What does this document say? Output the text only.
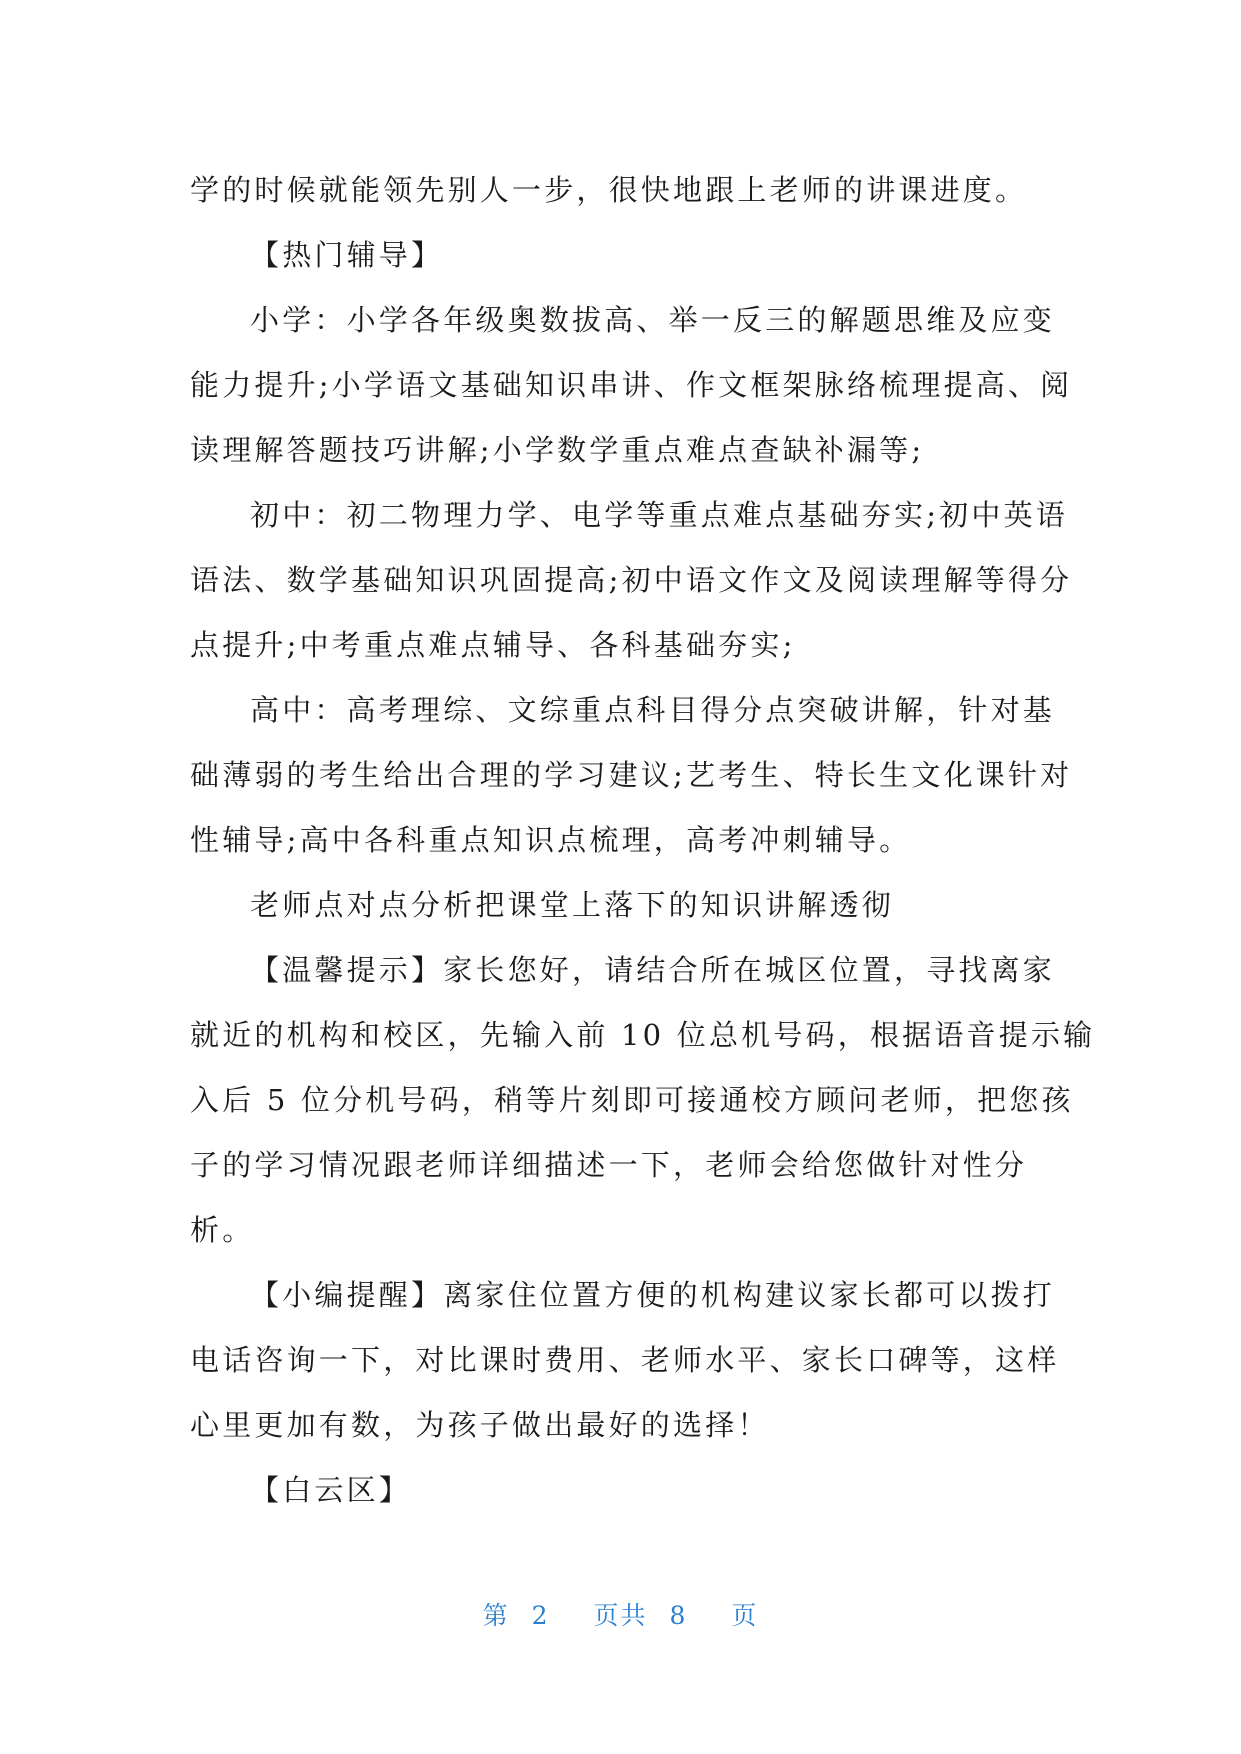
学的时候就能领先别人一步，很快地跟上老师的讲课进度。
【热门辅导】
小学：小学各年级奥数拔高、举一反三的解题思维及应变
能力提升;小学语文基础知识串讲、作文框架脉络梳理提高、阅
读理解答题技巧讲解;小学数学重点难点查缺补漏等;
初中：初二物理力学、电学等重点难点基础夯实;初中英语
语法、数学基础知识巩固提高;初中语文作文及阅读理解等得分
点提升;中考重点难点辅导、各科基础夯实;
高中：高考理综、文综重点科目得分点突破讲解，针对基
础薄弱的考生给出合理的学习建议;艺考生、特长生文化课针对
性辅导;高中各科重点知识点梳理，高考冲刺辅导。
老师点对点分析把课堂上落下的知识讲解透彻
【温馨提示】家长您好，请结合所在城区位置，寻找离家
就近的机构和校区，先输入前 10 位总机号码，根据语音提示输
入后 5 位分机号码，稍等片刻即可接通校方顾问老师，把您孩
子的学习情况跟老师详细描述一下，老师会给您做针对性分
析。
【小编提醒】离家住位置方便的机构建议家长都可以拨打
电话咨询一下，对比课时费用、老师水平、家长口碑等，这样
心里更加有数，为孩子做出最好的选择！
【白云区】
第 2 页共 8 页
